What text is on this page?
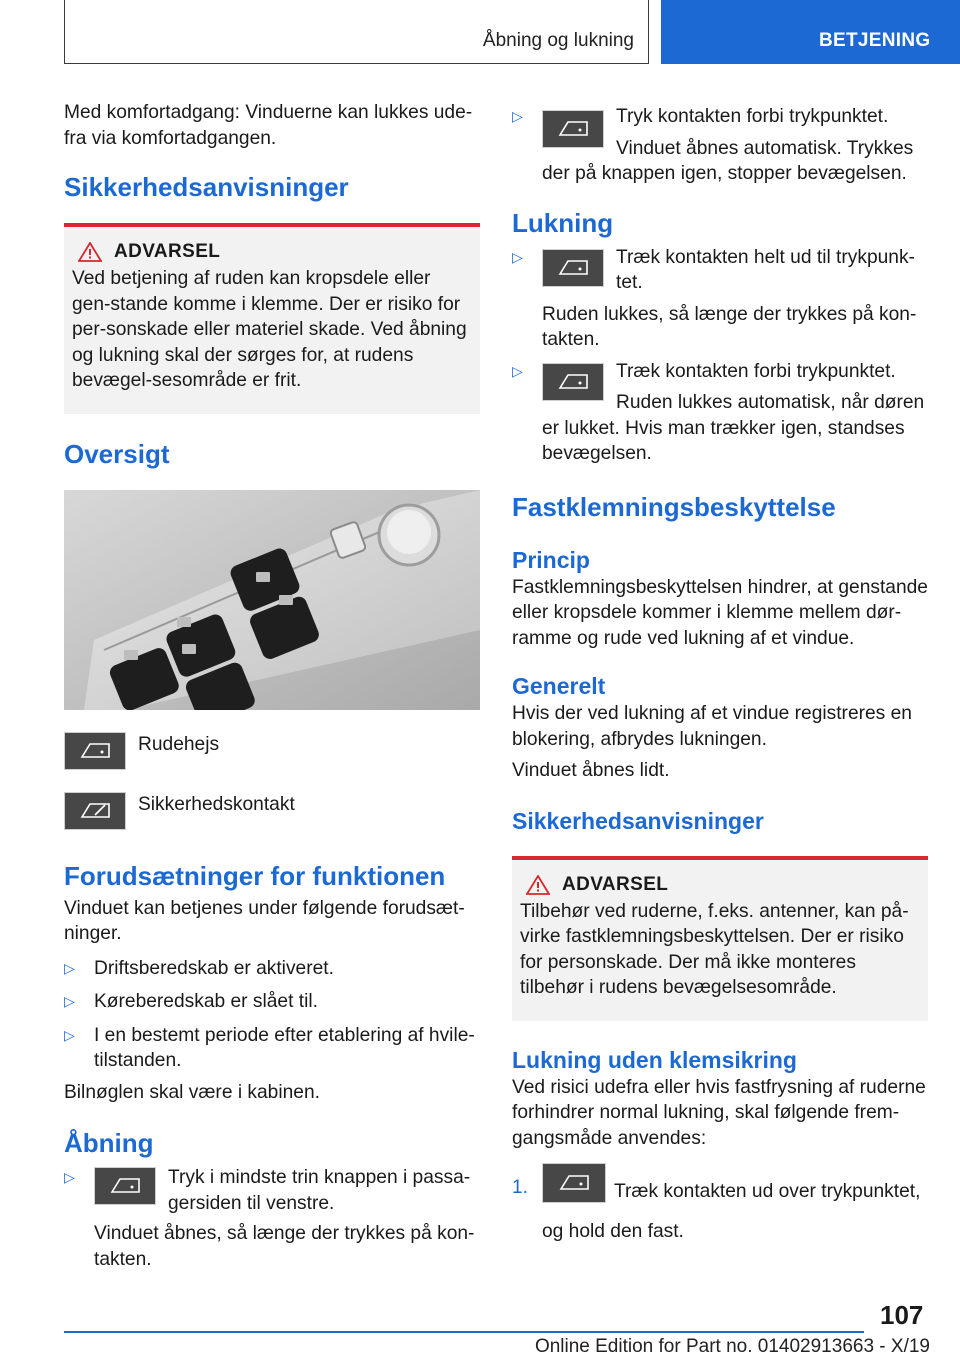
Åbning og lukning	BETJENING

Med komfortadgang: Vinduerne kan lukkes ude-fra via komfortadgangen.

Sikkerhedsanvisninger
ADVARSEL

Ved betjening af ruden kan kropsdele eller gen-stande komme i klemme. Der er risiko for per-sonskade eller materiel skade. Ved åbning og lukning skal der sørges for, at rudens bevægel-sesområde er frit.

Oversigt

Rudehejs

Sikkerhedskontakt

Forudsætninger for funktionen

Vinduet kan betjenes under følgende forudsæt-ninger.

▷	Driftsberedskab er aktiveret.

▷	Køreberedskab er slået til.

▷	I en bestemt periode efter etablering af hvile-tilstanden.

Bilnøglen skal være i kabinen.

Åbning
▷	Tryk i mindste trin knappen i passa-gersiden til venstre.

Vinduet åbnes, så længe der trykkes på kon-takten.

▷	Tryk kontakten forbi trykpunktet.

Vinduet åbnes automatisk. Trykkes der på knappen igen, stopper bevægelsen.

Lukning
▷	Træk kontakten helt ud til trykpunk-tet.

Ruden lukkes, så længe der trykkes på kon-takten.

▷	Træk kontakten forbi trykpunktet.

Ruden lukkes automatisk, når døren er lukket. Hvis man trækker igen, standses bevægelsen.

Fastklemningsbeskyttelse
Princip

Fastklemningsbeskyttelsen hindrer, at genstande eller kropsdele kommer i klemme mellem dør-ramme og rude ved lukning af et vindue.

Generelt

Hvis der ved lukning af et vindue registreres en blokering, afbrydes lukningen.

Vinduet åbnes lidt.

Sikkerhedsanvisninger
ADVARSEL

Tilbehør ved ruderne, f.eks. antenner, kan på-virke fastklemningsbeskyttelsen. Der er risiko for personskade. Der må ikke monteres tilbehør i rudens bevægelsesområde.

Lukning uden klemsikring

Ved risici udefra eller hvis fastfrysning af ruderne forhindrer normal lukning, skal følgende frem-gangsmåde anvendes:

1.	Træk kontakten ud over trykpunktet, og hold den fast.
107
Online Edition for Part no. 01402913663 - X/19
